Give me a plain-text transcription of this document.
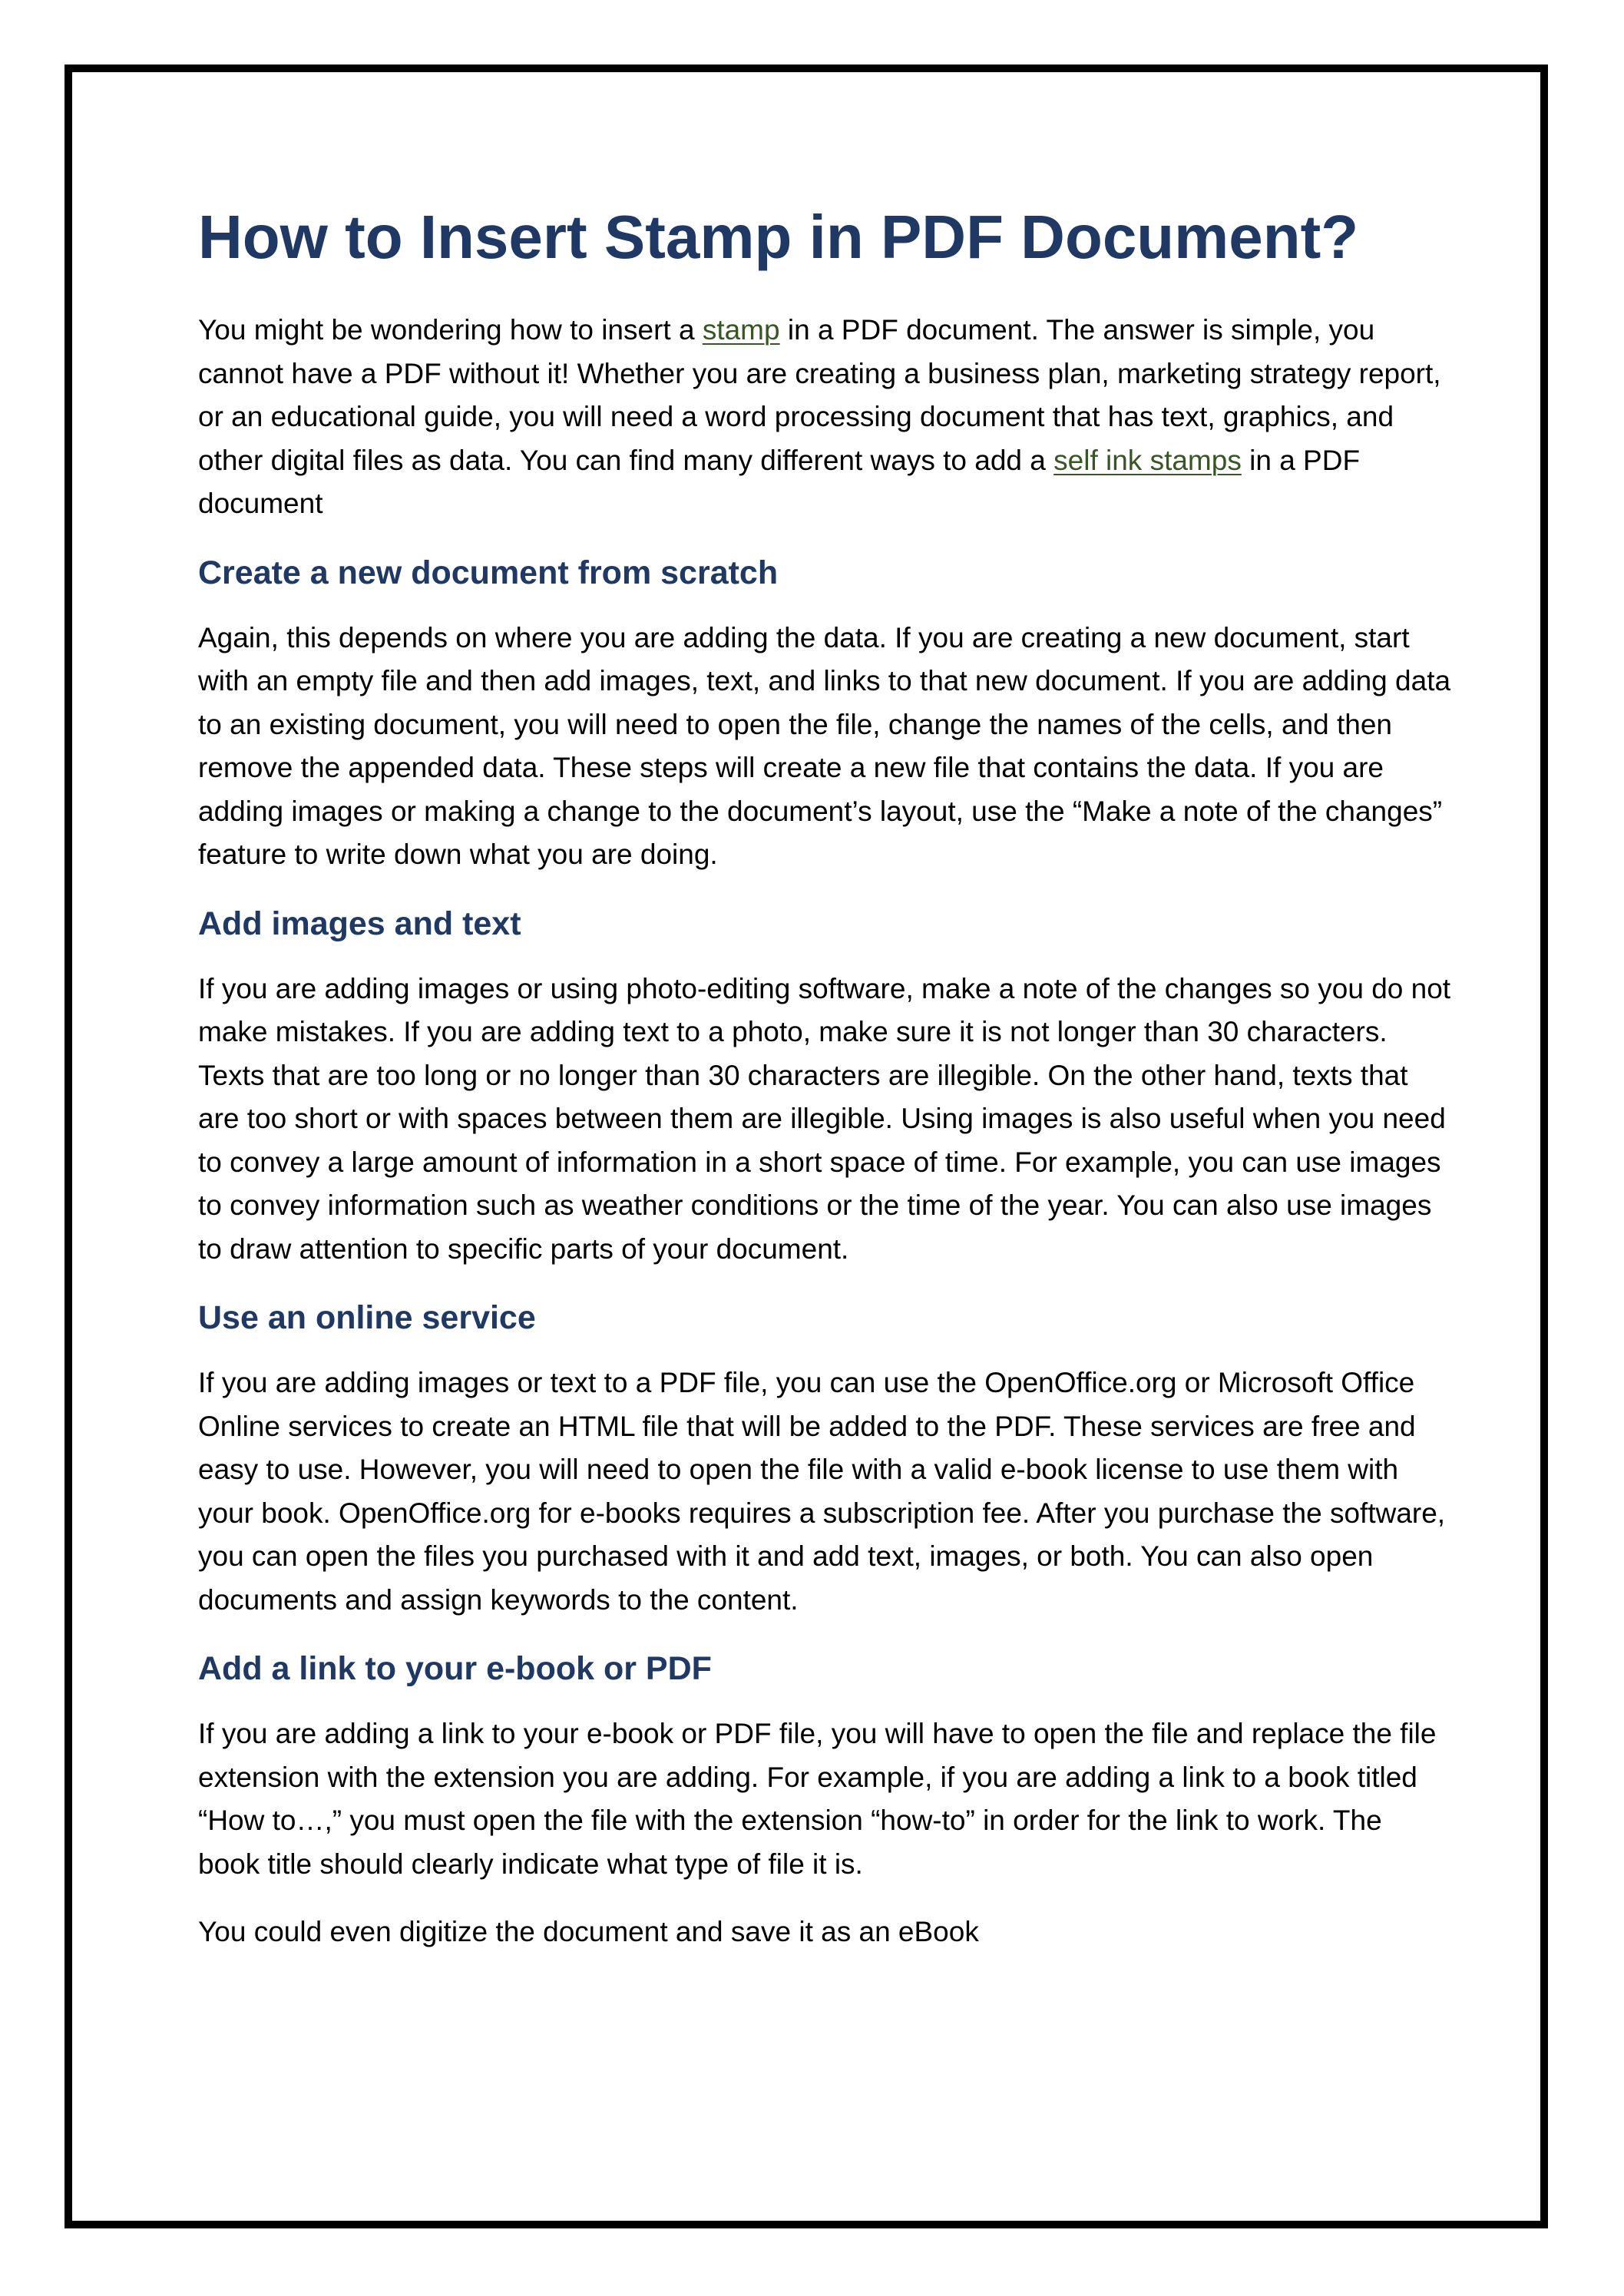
How to Insert Stamp in PDF Document?

You might be wondering how to insert a stamp in a PDF document. The answer is simple, you cannot have a PDF without it! Whether you are creating a business plan, marketing strategy report, or an educational guide, you will need a word processing document that has text, graphics, and other digital files as data. You can find many different ways to add a self ink stamps in a PDF document

Create a new document from scratch

Again, this depends on where you are adding the data. If you are creating a new document, start with an empty file and then add images, text, and links to that new document. If you are adding data to an existing document, you will need to open the file, change the names of the cells, and then remove the appended data. These steps will create a new file that contains the data. If you are adding images or making a change to the document’s layout, use the “Make a note of the changes” feature to write down what you are doing.

Add images and text

If you are adding images or using photo-editing software, make a note of the changes so you do not make mistakes. If you are adding text to a photo, make sure it is not longer than 30 characters. Texts that are too long or no longer than 30 characters are illegible. On the other hand, texts that are too short or with spaces between them are illegible. Using images is also useful when you need to convey a large amount of information in a short space of time. For example, you can use images to convey information such as weather conditions or the time of the year. You can also use images to draw attention to specific parts of your document.

Use an online service

If you are adding images or text to a PDF file, you can use the OpenOffice.org or Microsoft Office Online services to create an HTML file that will be added to the PDF. These services are free and easy to use. However, you will need to open the file with a valid e-book license to use them with your book. OpenOffice.org for e-books requires a subscription fee. After you purchase the software, you can open the files you purchased with it and add text, images, or both. You can also open documents and assign keywords to the content.

Add a link to your e-book or PDF

If you are adding a link to your e-book or PDF file, you will have to open the file and replace the file extension with the extension you are adding. For example, if you are adding a link to a book titled “How to…,” you must open the file with the extension “how-to” in order for the link to work. The book title should clearly indicate what type of file it is.

You could even digitize the document and save it as an eBook
